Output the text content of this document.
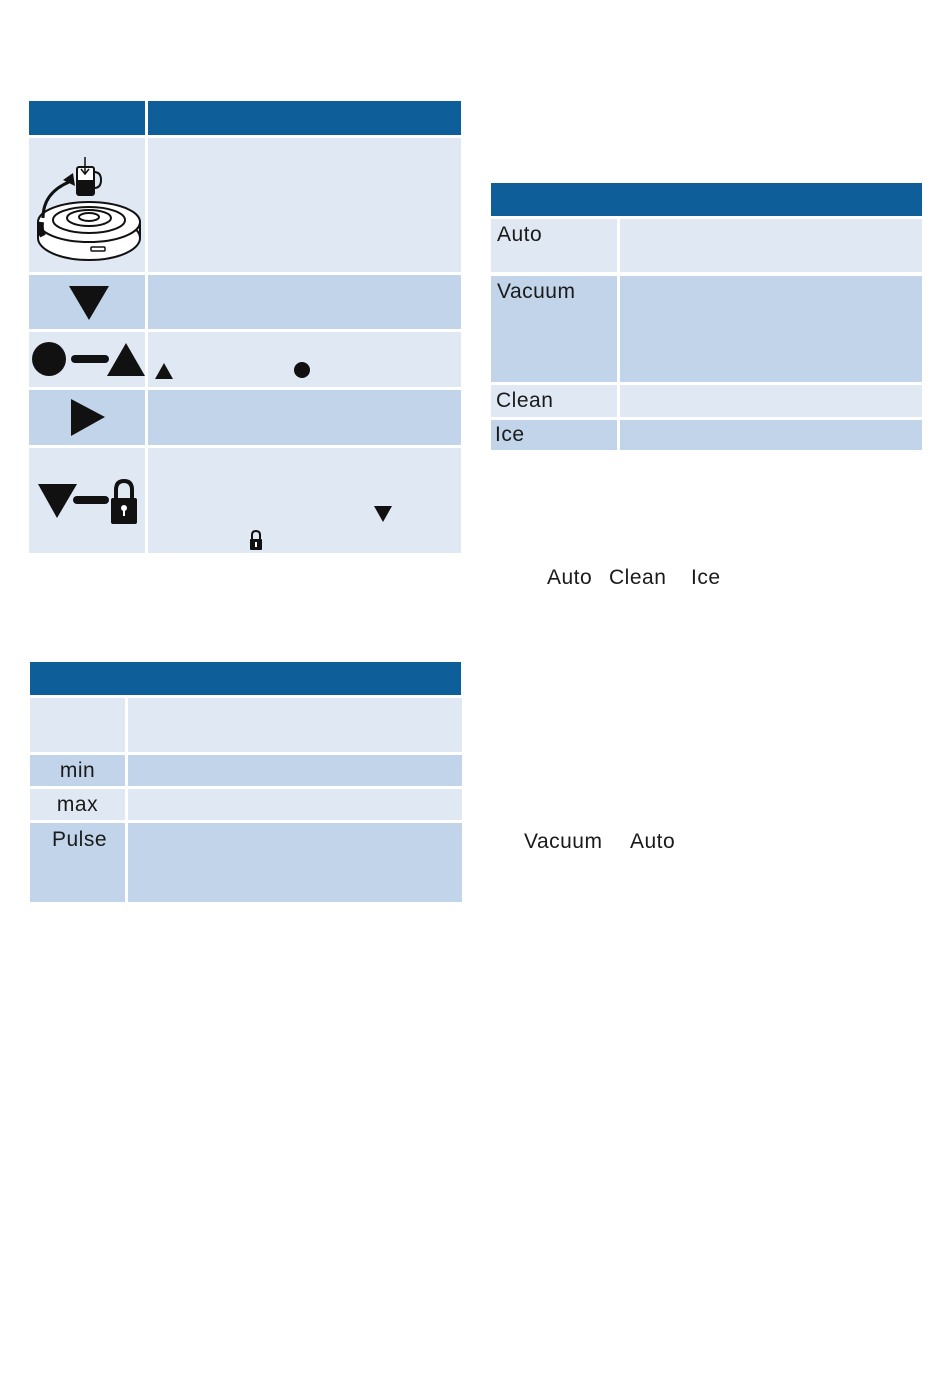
min
max
Pulse
Auto
Vacuum
Clean
Ice
Auto Clean Ice
Vacuum Auto
